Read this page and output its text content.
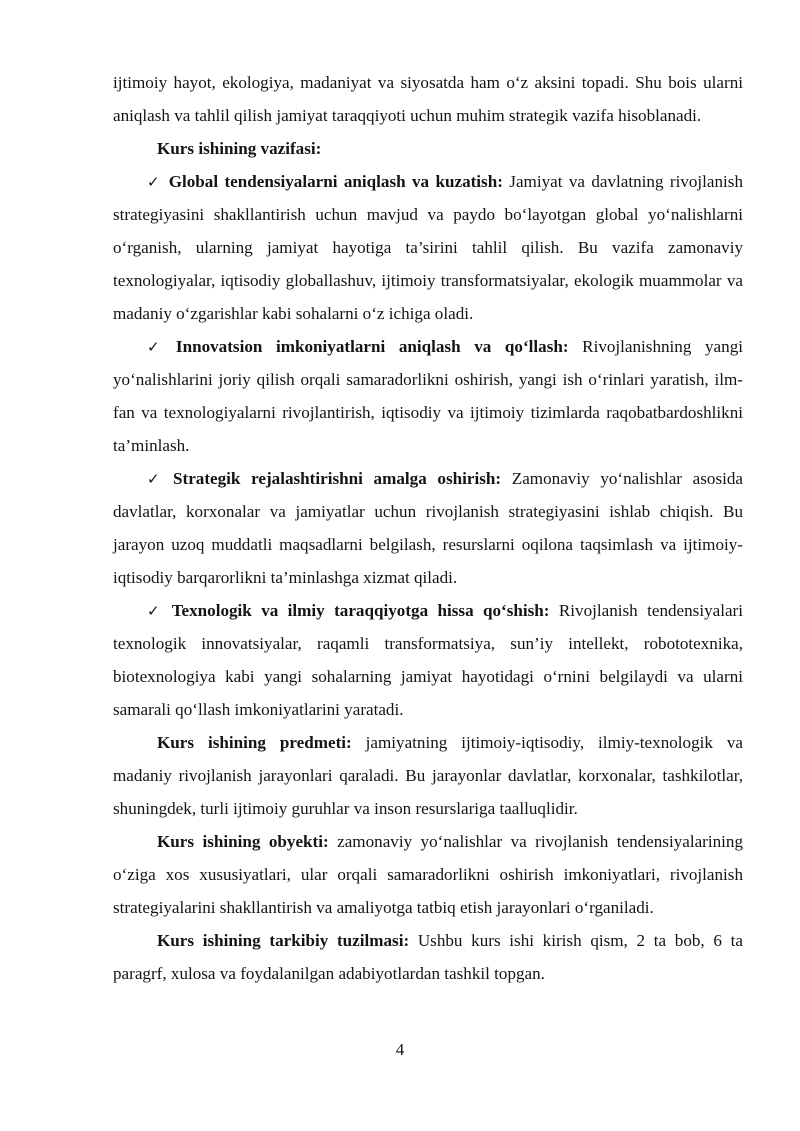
ijtimoiy hayot, ekologiya, madaniyat va siyosatda ham o‘z aksini topadi. Shu bois ularni aniqlash va tahlil qilish jamiyat taraqqiyoti uchun muhim strategik vazifa hisoblanadi.

Kurs ishining vazifasi:

✓ Global tendensiyalarni aniqlash va kuzatish: Jamiyat va davlatning rivojlanish strategiyasini shakllantirish uchun mavjud va paydo bo‘layotgan global yo‘nalishlarni o‘rganish, ularning jamiyat hayotiga ta’sirini tahlil qilish. Bu vazifa zamonaviy texnologiyalar, iqtisodiy globallashuv, ijtimoiy transformatsiyalar, ekologik muammolar va madaniy o‘zgarishlar kabi sohalarni o‘z ichiga oladi.

✓ Innovatsion imkoniyatlarni aniqlash va qo‘llash: Rivojlanishning yangi yo‘nalishlarini joriy qilish orqali samaradorlikni oshirish, yangi ish o‘rinlari yaratish, ilm-fan va texnologiyalarni rivojlantirish, iqtisodiy va ijtimoiy tizimlarda raqobatbardoshlikni ta’minlash.

✓ Strategik rejalashtirishni amalga oshirish: Zamonaviy yo‘nalishlar asosida davlatlar, korxonalar va jamiyatlar uchun rivojlanish strategiyasini ishlab chiqish. Bu jarayon uzoq muddatli maqsadlarni belgilash, resurslarni oqilona taqsimlash va ijtimoiy-iqtisodiy barqarorlikni ta’minlashga xizmat qiladi.

✓ Texnologik va ilmiy taraqqiyotga hissa qo‘shish: Rivojlanish tendensiyalari texnologik innovatsiyalar, raqamli transformatsiya, sun’iy intellekt, robototexnika, biotexnologiya kabi yangi sohalarning jamiyat hayotidagi o‘rnini belgilaydi va ularni samarali qo‘llash imkoniyatlarini yaratadi.

Kurs ishining predmeti: jamiyatning ijtimoiy-iqtisodiy, ilmiy-texnologik va madaniy rivojlanish jarayonlari qaraladi. Bu jarayonlar davlatlar, korxonalar, tashkilotlar, shuningdek, turli ijtimoiy guruhlar va inson resurslariga taalluqlidir.

Kurs ishining obyekti: zamonaviy yo‘nalishlar va rivojlanish tendensiyalarining o‘ziga xos xususiyatlari, ular orqali samaradorlikni oshirish imkoniyatlari, rivojlanish strategiyalarini shakllantirish va amaliyotga tatbiq etish jarayonlari o‘rganiladi.

Kurs ishining tarkibiy tuzilmasi: Ushbu kurs ishi kirish qism, 2 ta bob, 6 ta paragrf, xulosa va foydalanilgan adabiyotlardan tashkil topgan.

4
